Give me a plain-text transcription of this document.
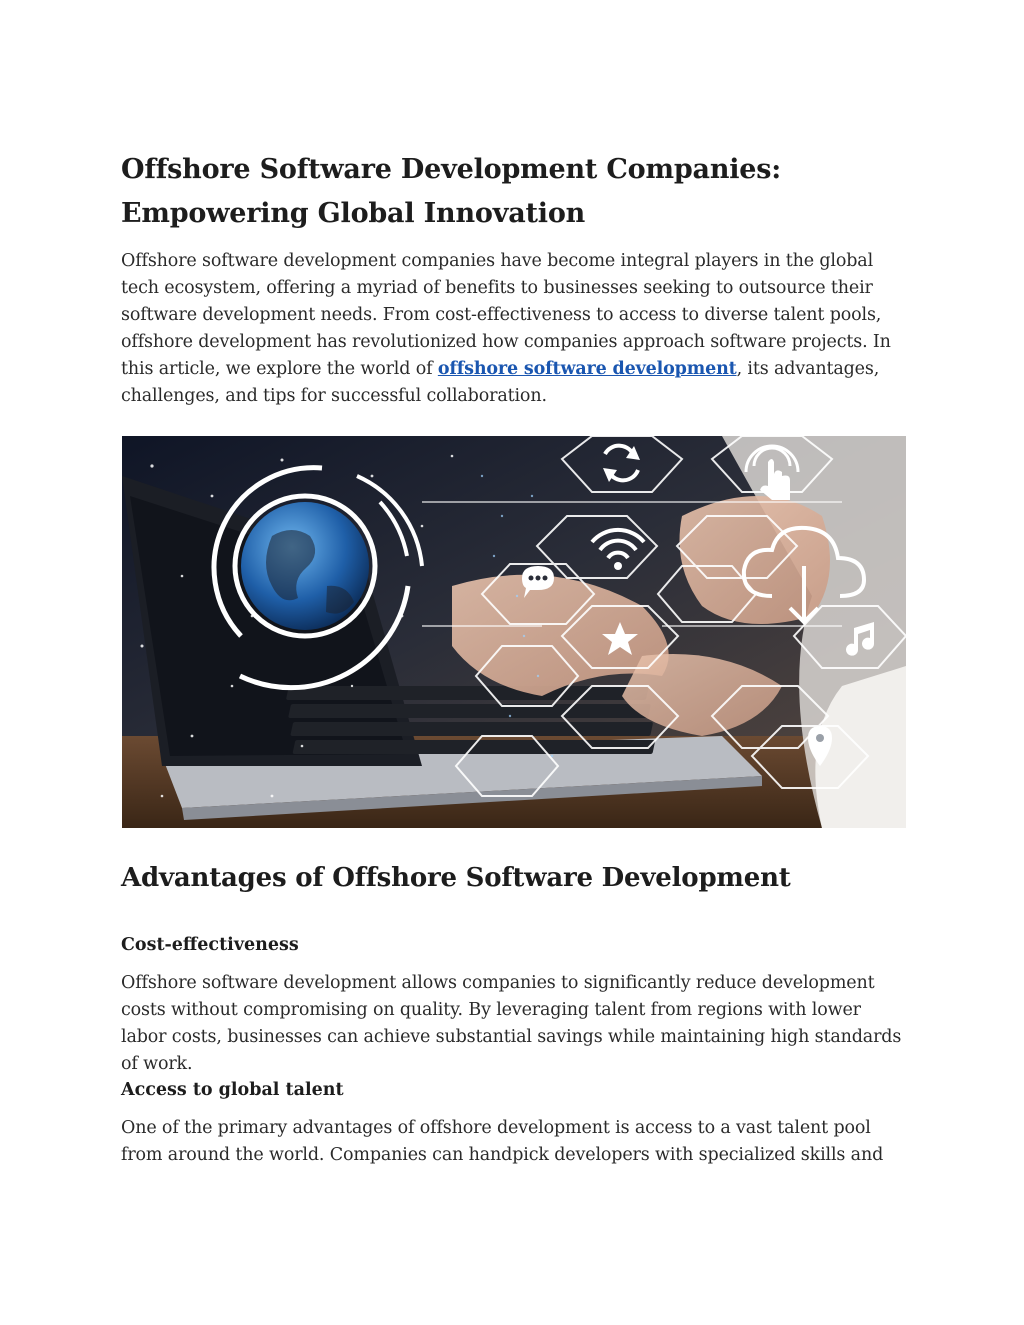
Offshore Software Development Companies: Empowering Global Innovation

Offshore software development companies have become integral players in the global tech ecosystem, offering a myriad of benefits to businesses seeking to outsource their software development needs. From cost-effectiveness to access to diverse talent pools, offshore development has revolutionized how companies approach software projects. In this article, we explore the world of offshore software development, its advantages, challenges, and tips for successful collaboration.

Advantages of Offshore Software Development
Cost-effectiveness

Offshore software development allows companies to significantly reduce development costs without compromising on quality. By leveraging talent from regions with lower labor costs, businesses can achieve substantial savings while maintaining high standards of work.

Access to global talent

One of the primary advantages of offshore development is access to a vast talent pool from around the world. Companies can handpick developers with specialized skills and
